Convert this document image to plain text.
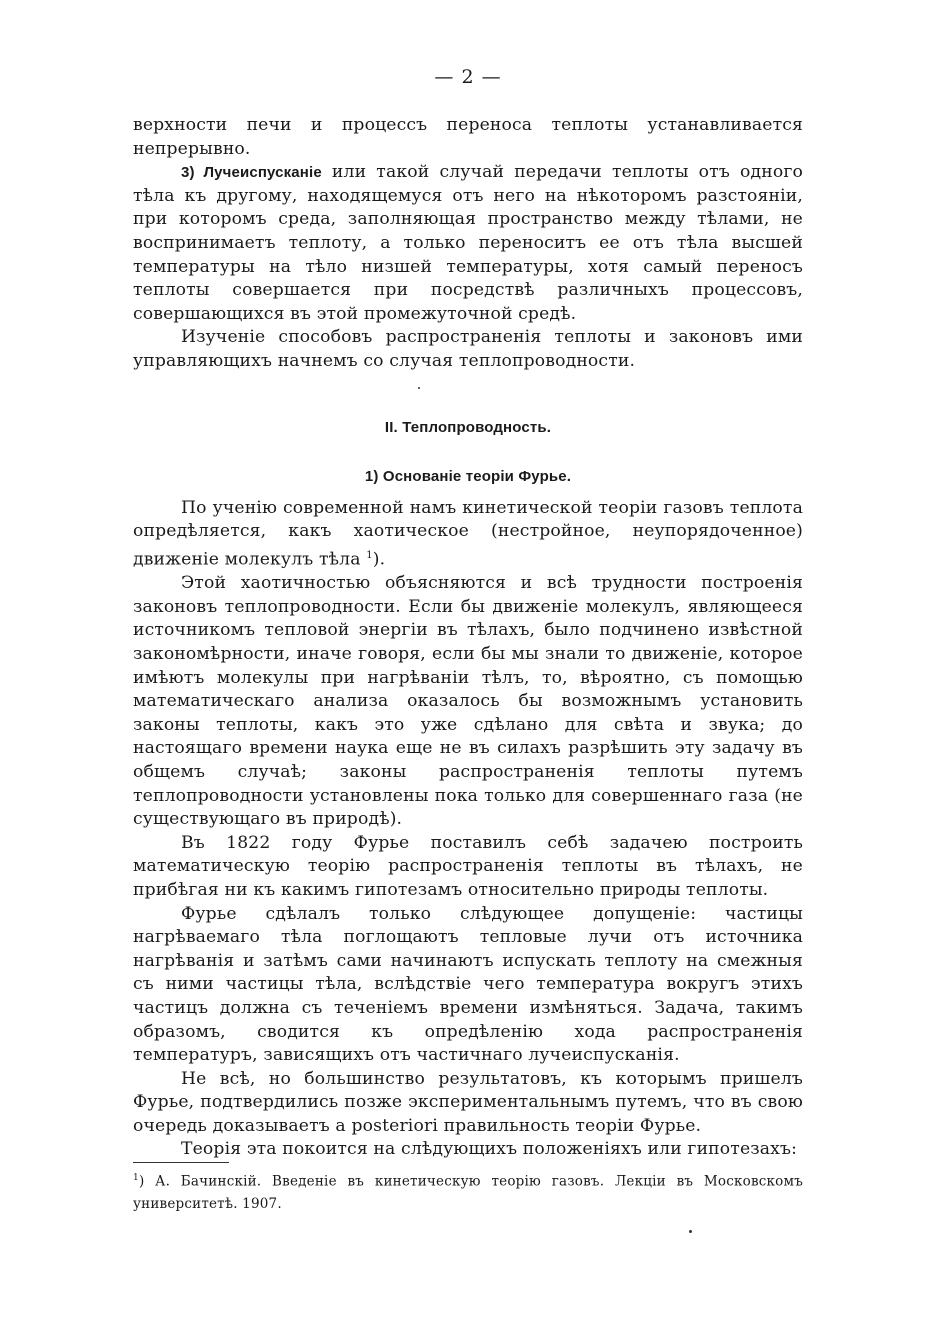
— 2 —

верхности печи и процессъ переноса теплоты устанавливается непрерывно.

3) Лучеиспусканіе или такой случай передачи теплоты отъ одного тѣла къ другому, находящемуся отъ него на нѣкоторомъ разстояніи, при которомъ среда, заполняющая пространство между тѣлами, не воспринимаетъ теплоту, а только переноситъ ее отъ тѣла высшей температуры на тѣло низшей температуры, хотя самый переносъ теплоты совершается при посредствѣ различныхъ процессовъ, совершающихся въ этой промежуточной средѣ.

Изученіе способовъ распространенія теплоты и законовъ ими управляющихъ начнемъ со случая теплопроводности.

II. Теплопроводность.

1) Основаніе теоріи Фурье.

По ученію современной намъ кинетической теоріи газовъ теплота опредѣляется, какъ хаотическое (нестройное, неупорядоченное) движеніе молекулъ тѣла $^1$).

Этой хаотичностью объясняются и всѣ трудности построенія законовъ теплопроводности. Если бы движеніе молекулъ, являющееся источникомъ тепловой энергіи въ тѣлахъ, было подчинено извѣстной закономѣрности, иначе говоря, если бы мы знали то движеніе, которое имѣютъ молекулы при нагрѣваніи тѣлъ, то, вѣроятно, съ помощью математическаго анализа оказалось бы возможнымъ установить законы теплоты, какъ это уже сдѣлано для свѣта и звука; до настоящаго времени наука еще не въ силахъ разрѣшить эту задачу въ общемъ случаѣ; законы распространенія теплоты путемъ теплопроводности установлены пока только для совершеннаго газа (не существующаго въ природѣ).

Въ 1822 году Фурье поставилъ себѣ задачею построить математическую теорію распространенія теплоты въ тѣлахъ, не прибѣгая ни къ какимъ гипотезамъ относительно природы теплоты.

Фурье сдѣлалъ только слѣдующее допущеніе: частицы нагрѣваемаго тѣла поглощаютъ тепловые лучи отъ источника нагрѣванія и затѣмъ сами начинаютъ испускать теплоту на смежныя съ ними частицы тѣла, вслѣдствіе чего температура вокругъ этихъ частицъ должна съ теченіемъ времени измѣняться. Задача, такимъ образомъ, сводится къ опредѣленію хода распространенія температуръ, зависящихъ отъ частичнаго лучеиспусканія.

Не всѣ, но большинство результатовъ, къ которымъ пришелъ Фурье, подтвердились позже экспериментальнымъ путемъ, что въ свою очередь доказываетъ a posteriori правильность теоріи Фурье.

Теорія эта покоится на слѣдующихъ положеніяхъ или гипотезахъ:

$^1$) А. Бачинскій. Введеніе въ кинетическую теорію газовъ. Лекціи въ Московскомъ университетѣ. 1907.
